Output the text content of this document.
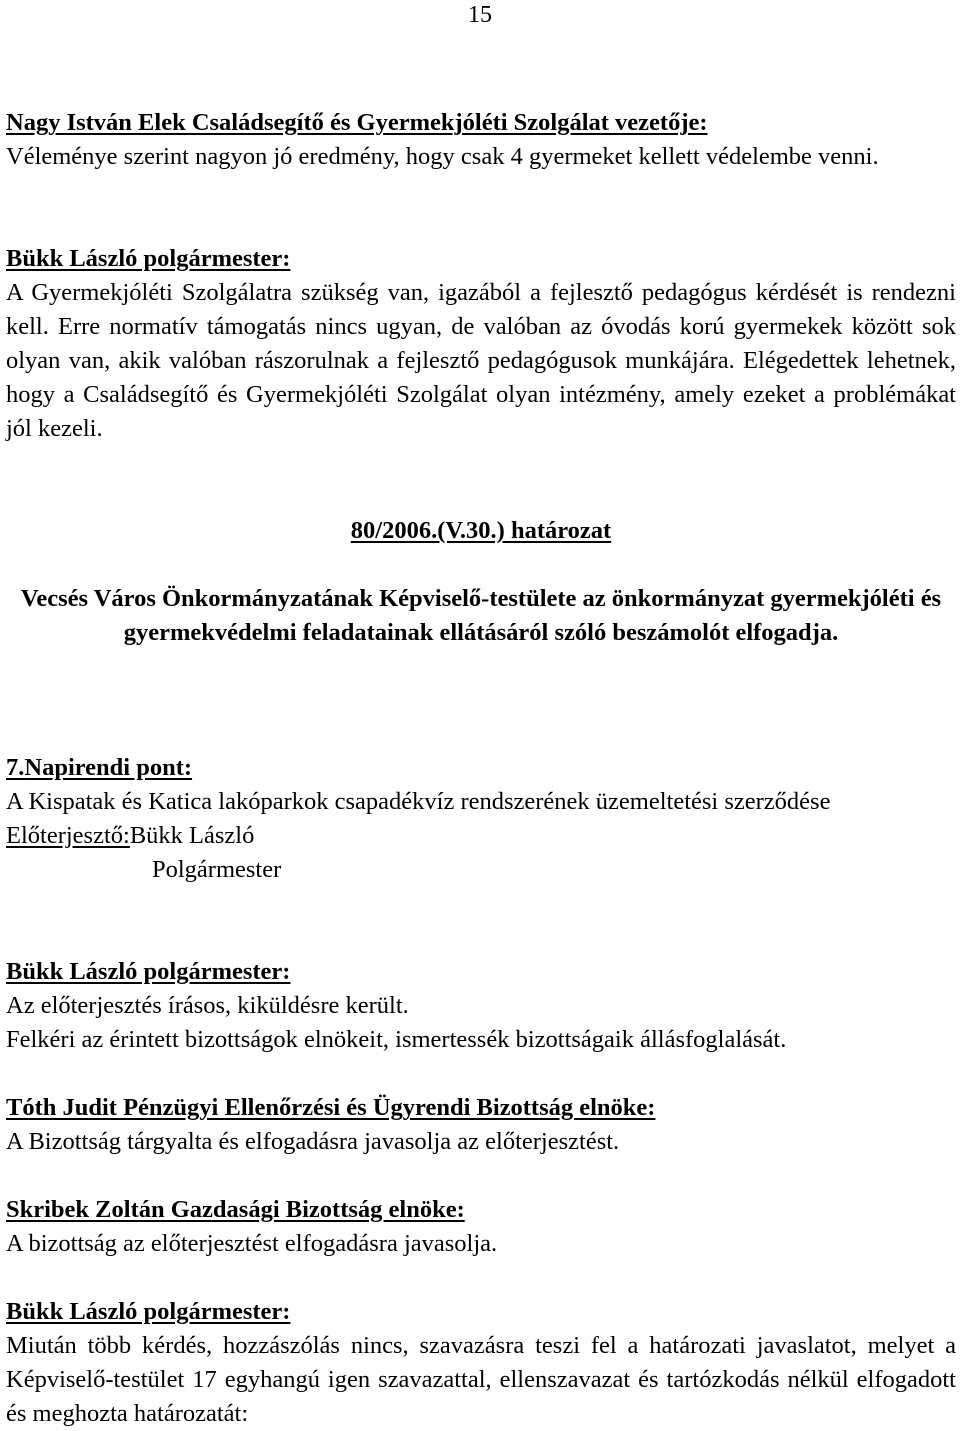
15

Nagy István Elek Családsegítő és Gyermekjóléti Szolgálat vezetője:

Véleménye szerint nagyon jó eredmény, hogy csak 4 gyermeket kellett védelembe venni.

Bükk László polgármester:

A Gyermekjóléti Szolgálatra szükség van, igazából a fejlesztő pedagógus kérdését is rendezni kell. Erre normatív támogatás nincs ugyan, de valóban az óvodás korú gyermekek között sok olyan van, akik valóban rászorulnak a fejlesztő pedagógusok munkájára. Elégedettek lehetnek, hogy a Családsegítő és Gyermekjóléti Szolgálat olyan intézmény, amely ezeket a problémákat jól kezeli.

80/2006.(V.30.) határozat

Vecsés Város Önkormányzatának Képviselő-testülete az önkormányzat gyermekjóléti és gyermekvédelmi feladatainak ellátásáról szóló beszámolót elfogadja.

7.Napirendi pont:

A Kispatak és Katica lakóparkok csapadékvíz rendszerének üzemeltetési szerződése

Előterjesztő:Bükk László

Polgármester

Bükk László polgármester:

Az előterjesztés írásos, kiküldésre került.

Felkéri az érintett bizottságok elnökeit, ismertessék bizottságaik állásfoglalását.

Tóth Judit Pénzügyi Ellenőrzési és Ügyrendi Bizottság elnöke:

A Bizottság tárgyalta és elfogadásra javasolja az előterjesztést.

Skribek Zoltán Gazdasági Bizottság elnöke:

A bizottság az előterjesztést elfogadásra javasolja.

Bükk László polgármester:

Miután több kérdés, hozzászólás nincs, szavazásra teszi fel a határozati javaslatot, melyet a Képviselő-testület 17 egyhangú igen szavazattal, ellenszavazat és tartózkodás nélkül elfogadott és meghozta határozatát:
